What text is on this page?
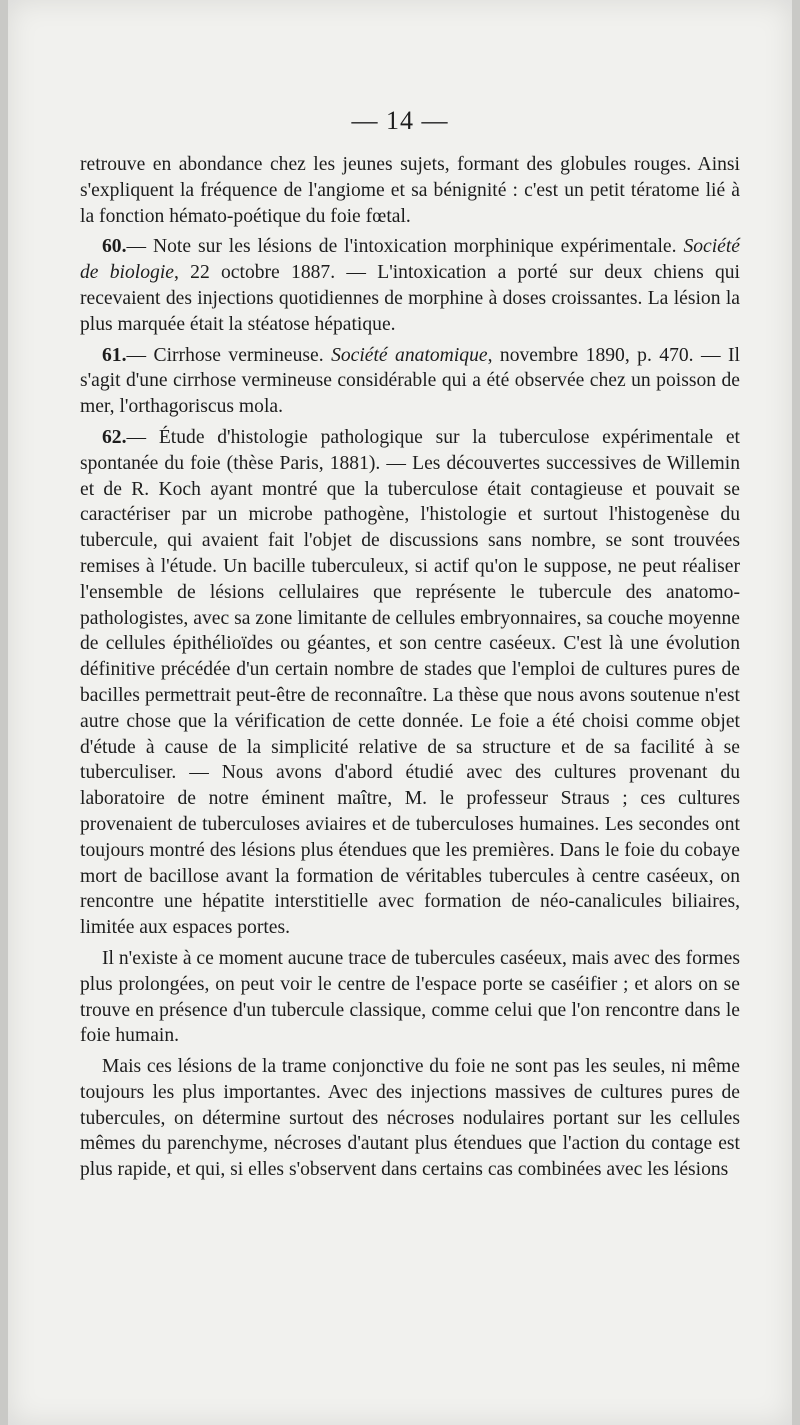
— 14 —

retrouve en abondance chez les jeunes sujets, formant des globules rouges. Ainsi s'expliquent la fréquence de l'angiome et sa bénignité : c'est un petit tératome lié à la fonction hémato-poétique du foie fœtal.

60.— Note sur les lésions de l'intoxication morphinique expérimentale. Société de biologie, 22 octobre 1887. — L'intoxication a porté sur deux chiens qui recevaient des injections quotidiennes de morphine à doses croissantes. La lésion la plus marquée était la stéatose hépatique.

61.— Cirrhose vermineuse. Société anatomique, novembre 1890, p. 470. — Il s'agit d'une cirrhose vermineuse considérable qui a été observée chez un poisson de mer, l'orthagoriscus mola.

62.— Étude d'histologie pathologique sur la tuberculose expérimentale et spontanée du foie (thèse Paris, 1881). — Les découvertes successives de Willemin et de R. Koch ayant montré que la tuberculose était contagieuse et pouvait se caractériser par un microbe pathogène, l'histologie et surtout l'histogenèse du tubercule, qui avaient fait l'objet de discussions sans nombre, se sont trouvées remises à l'étude. Un bacille tuberculeux, si actif qu'on le suppose, ne peut réaliser l'ensemble de lésions cellulaires que représente le tubercule des anatomo-pathologistes, avec sa zone limitante de cellules embryonnaires, sa couche moyenne de cellules épithélioïdes ou géantes, et son centre caséeux. C'est là une évolution définitive précédée d'un certain nombre de stades que l'emploi de cultures pures de bacilles permettrait peut-être de reconnaître. La thèse que nous avons soutenue n'est autre chose que la vérification de cette donnée. Le foie a été choisi comme objet d'étude à cause de la simplicité relative de sa structure et de sa facilité à se tuberculiser. — Nous avons d'abord étudié avec des cultures provenant du laboratoire de notre éminent maître, M. le professeur Straus ; ces cultures provenaient de tuberculoses aviaires et de tuberculoses humaines. Les secondes ont toujours montré des lésions plus étendues que les premières. Dans le foie du cobaye mort de bacillose avant la formation de véritables tubercules à centre caséeux, on rencontre une hépatite interstitielle avec formation de néo-canalicules biliaires, limitée aux espaces portes.

Il n'existe à ce moment aucune trace de tubercules caséeux, mais avec des formes plus prolongées, on peut voir le centre de l'espace porte se caséifier ; et alors on se trouve en présence d'un tubercule classique, comme celui que l'on rencontre dans le foie humain.

Mais ces lésions de la trame conjonctive du foie ne sont pas les seules, ni même toujours les plus importantes. Avec des injections massives de cultures pures de tubercules, on détermine surtout des nécroses nodulaires portant sur les cellules mêmes du parenchyme, nécroses d'autant plus étendues que l'action du contage est plus rapide, et qui, si elles s'observent dans certains cas combinées avec les lésions
